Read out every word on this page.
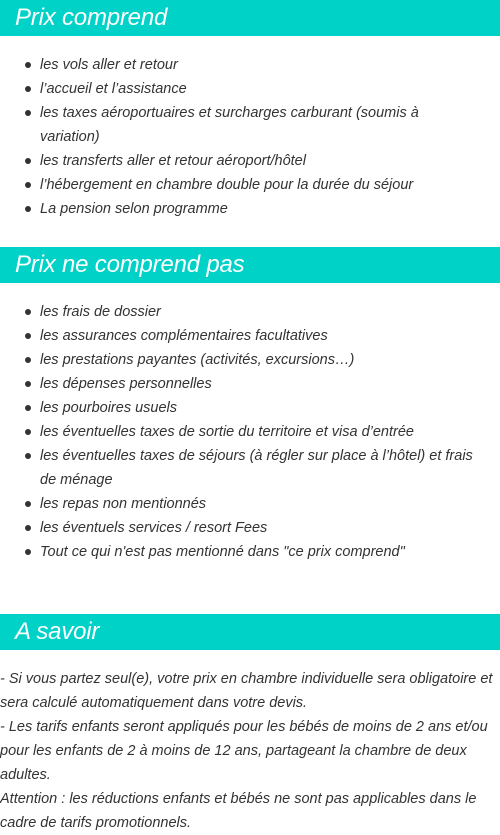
Prix comprend
les vols aller et retour
l’accueil et l’assistance
les taxes aéroportuaires et surcharges carburant (soumis à variation)
les transferts aller et retour aéroport/hôtel
l’hébergement en chambre double pour la durée du séjour
La pension selon programme
Prix ne comprend pas
les frais de dossier
les assurances complémentaires facultatives
les prestations payantes (activités, excursions…)
les dépenses personnelles
les pourboires usuels
les éventuelles taxes de sortie du territoire et visa d’entrée
les éventuelles taxes de séjours (à régler sur place à l’hôtel) et frais de ménage
les repas non mentionnés
les éventuels services / resort Fees
Tout ce qui n'est pas mentionné dans "ce prix comprend"
A savoir

- Si vous partez seul(e), votre prix en chambre individuelle sera obligatoire et sera calculé automatiquement dans votre devis.

- Les tarifs enfants seront appliqués pour les bébés de moins de 2 ans et/ou pour les enfants de 2 à moins de 12 ans, partageant la chambre de deux adultes.

Attention : les réductions enfants et bébés ne sont pas applicables dans le cadre de tarifs promotionnels.
